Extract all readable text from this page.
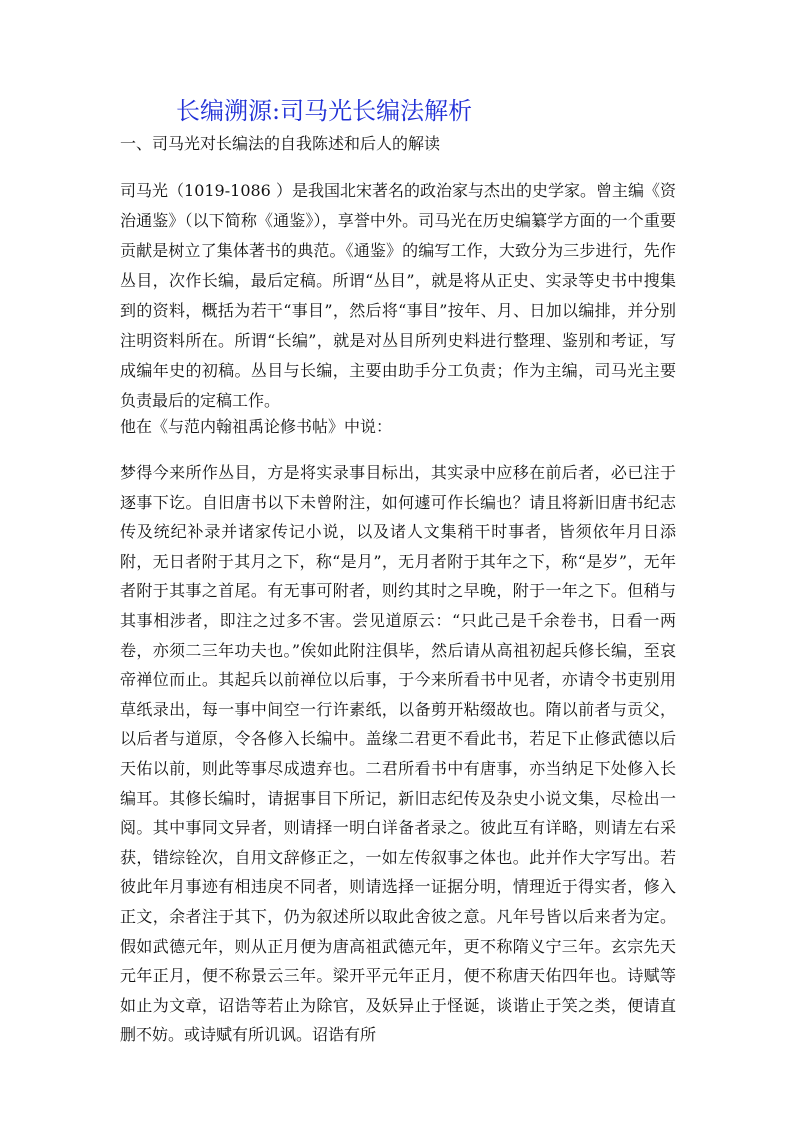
长编溯源:司马光长编法解析
一、司马光对长编法的自我陈述和后人的解读

司马光（1019-1086 ）是我国北宋著名的政治家与杰出的史学家。曾主编《资治通鉴》（以下简称《通鉴》），享誉中外。司马光在历史编纂学方面的一个重要贡献是树立了集体著书的典范。《通鉴》的编写工作，大致分为三步进行，先作丛目，次作长编，最后定稿。所谓“丛目”，就是将从正史、实录等史书中搜集到的资料，概括为若干“事目”，然后将“事目”按年、月、日加以编排，并分别注明资料所在。所谓“长编”，就是对丛目所列史料进行整理、鉴别和考证，写成编年史的初稿。丛目与长编，主要由助手分工负责；作为主编，司马光主要负责最后的定稿工作。

他在《与范内翰祖禹论修书帖》中说：

梦得今来所作丛目，方是将实录事目标出，其实录中应移在前后者，必已注于逐事下讫。自旧唐书以下未曾附注，如何遽可作长编也？请且将新旧唐书纪志传及统纪补录并诸家传记小说，以及诸人文集稍干时事者，皆须依年月日添附，无日者附于其月之下，称“是月”，无月者附于其年之下，称“是岁”，无年者附于其事之首尾。有无事可附者，则约其时之早晚，附于一年之下。但稍与其事相涉者，即注之过多不害。尝见道原云：“只此己是千余卷书，日看一两卷，亦须二三年功夫也。”俟如此附注俱毕，然后请从高祖初起兵修长编，至哀帝禅位而止。其起兵以前禅位以后事，于今来所看书中见者，亦请令书吏别用草纸录出，每一事中间空一行许素纸，以备剪开粘缀故也。隋以前者与贡父，以后者与道原，令各修入长编中。盖缘二君更不看此书，若足下止修武德以后天佑以前，则此等事尽成遗弃也。二君所看书中有唐事，亦当纳足下处修入长编耳。其修长编时，请据事目下所记，新旧志纪传及杂史小说文集，尽检出一阅。其中事同文异者，则请择一明白详备者录之。彼此互有详略，则请左右采获，错综铨次，自用文辞修正之，一如左传叙事之体也。此并作大字写出。若彼此年月事迹有相违戾不同者，则请选择一证据分明，情理近于得实者，修入正文，余者注于其下，仍为叙述所以取此舍彼之意。凡年号皆以后来者为定。假如武德元年，则从正月便为唐高祖武德元年，更不称隋义宁三年。玄宗先天元年正月，便不称景云三年。梁开平元年正月，便不称唐天佑四年也。诗赋等如止为文章，诏诰等若止为除官，及妖异止于怪诞，谈谐止于笑之类，便请直删不妨。或诗赋有所讥讽。诏诰有所
